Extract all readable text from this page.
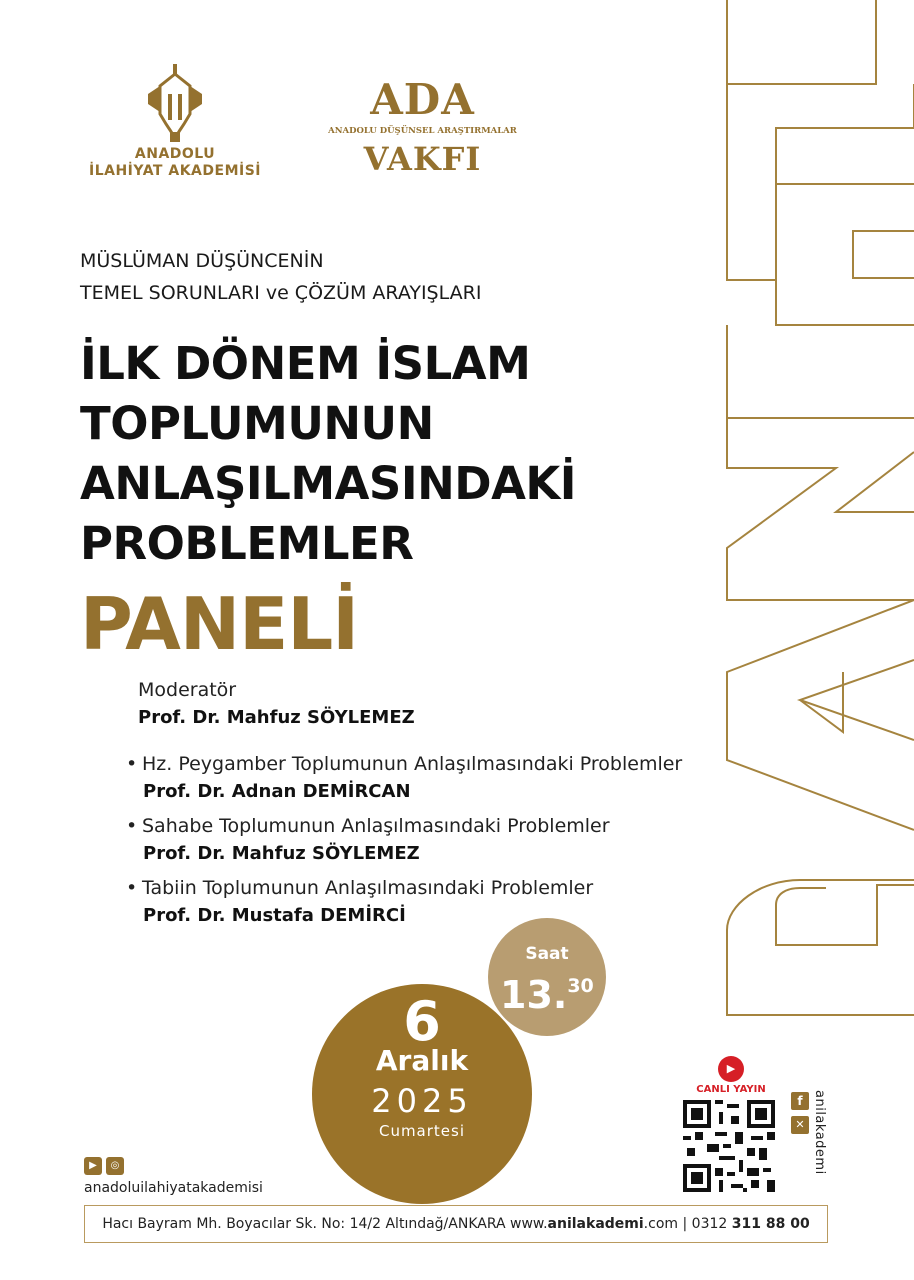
ANADOLU
İLAHİYAT AKADEMİSİ
ADA
ANADOLU DÜŞÜNSEL ARAŞTIRMALAR
VAKFI
MÜSLÜMAN DÜŞÜNCENİN
TEMEL SORUNLARI ve ÇÖZÜM ARAYIŞLARI
İLK DÖNEM İSLAM
TOPLUMUNUN
ANLAŞILMASINDAKİ
PROBLEMLER
PANELİ
Moderatör
Prof. Dr. Mahfuz SÖYLEMEZ
• Hz. Peygamber Toplumunun Anlaşılmasındaki Problemler
Prof. Dr. Adnan DEMİRCAN
• Sahabe Toplumunun Anlaşılmasındaki Problemler
Prof. Dr. Mahfuz SÖYLEMEZ
• Tabiin Toplumunun Anlaşılmasındaki Problemler
Prof. Dr. Mustafa DEMİRCİ
6
Aralık
2025
Cumartesi
Saat
13.30
▶ ◎
anadoluilahiyatakademisi
▶
CANLI YAYIN
f
✕ anilakademi
Hacı Bayram Mh. Boyacılar Sk. No: 14/2 Altındağ/ANKARA www.anilakademi.com | 0312 311 88 00
